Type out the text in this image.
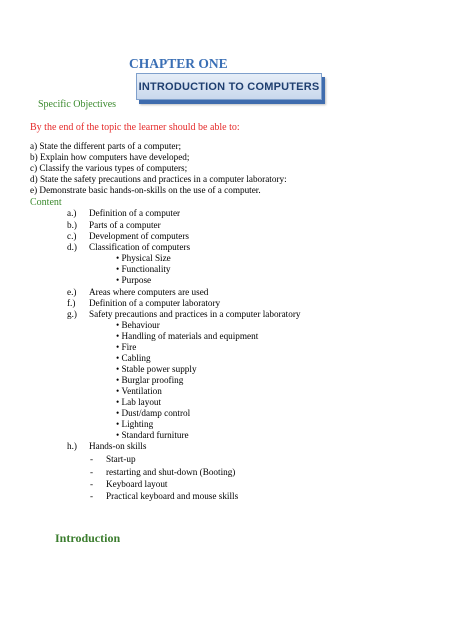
CHAPTER ONE
INTRODUCTION TO COMPUTERS
Specific Objectives
By the end of the topic the learner should be able to:
a) State the different parts of a computer;
b) Explain how computers have developed;
c) Classify the various types of computers;
d) State the safety precautions and practices in a computer laboratory:
e) Demonstrate basic hands-on-skills on the use of a computer.
Content
a.) Definition of a computer
b.) Parts of a computer
c.) Development of computers
d.) Classification of computers
• Physical Size
• Functionality
• Purpose
e.) Areas where computers are used
f.) Definition of a computer laboratory
g.) Safety precautions and practices in a computer laboratory
• Behaviour
• Handling of materials and equipment
• Fire
• Cabling
• Stable power supply
• Burglar proofing
• Ventilation
• Lab layout
• Dust/damp control
• Lighting
• Standard furniture
h.) Hands-on skills
- Start-up
- restarting and shut-down (Booting)
- Keyboard layout
- Practical keyboard and mouse skills
Introduction
